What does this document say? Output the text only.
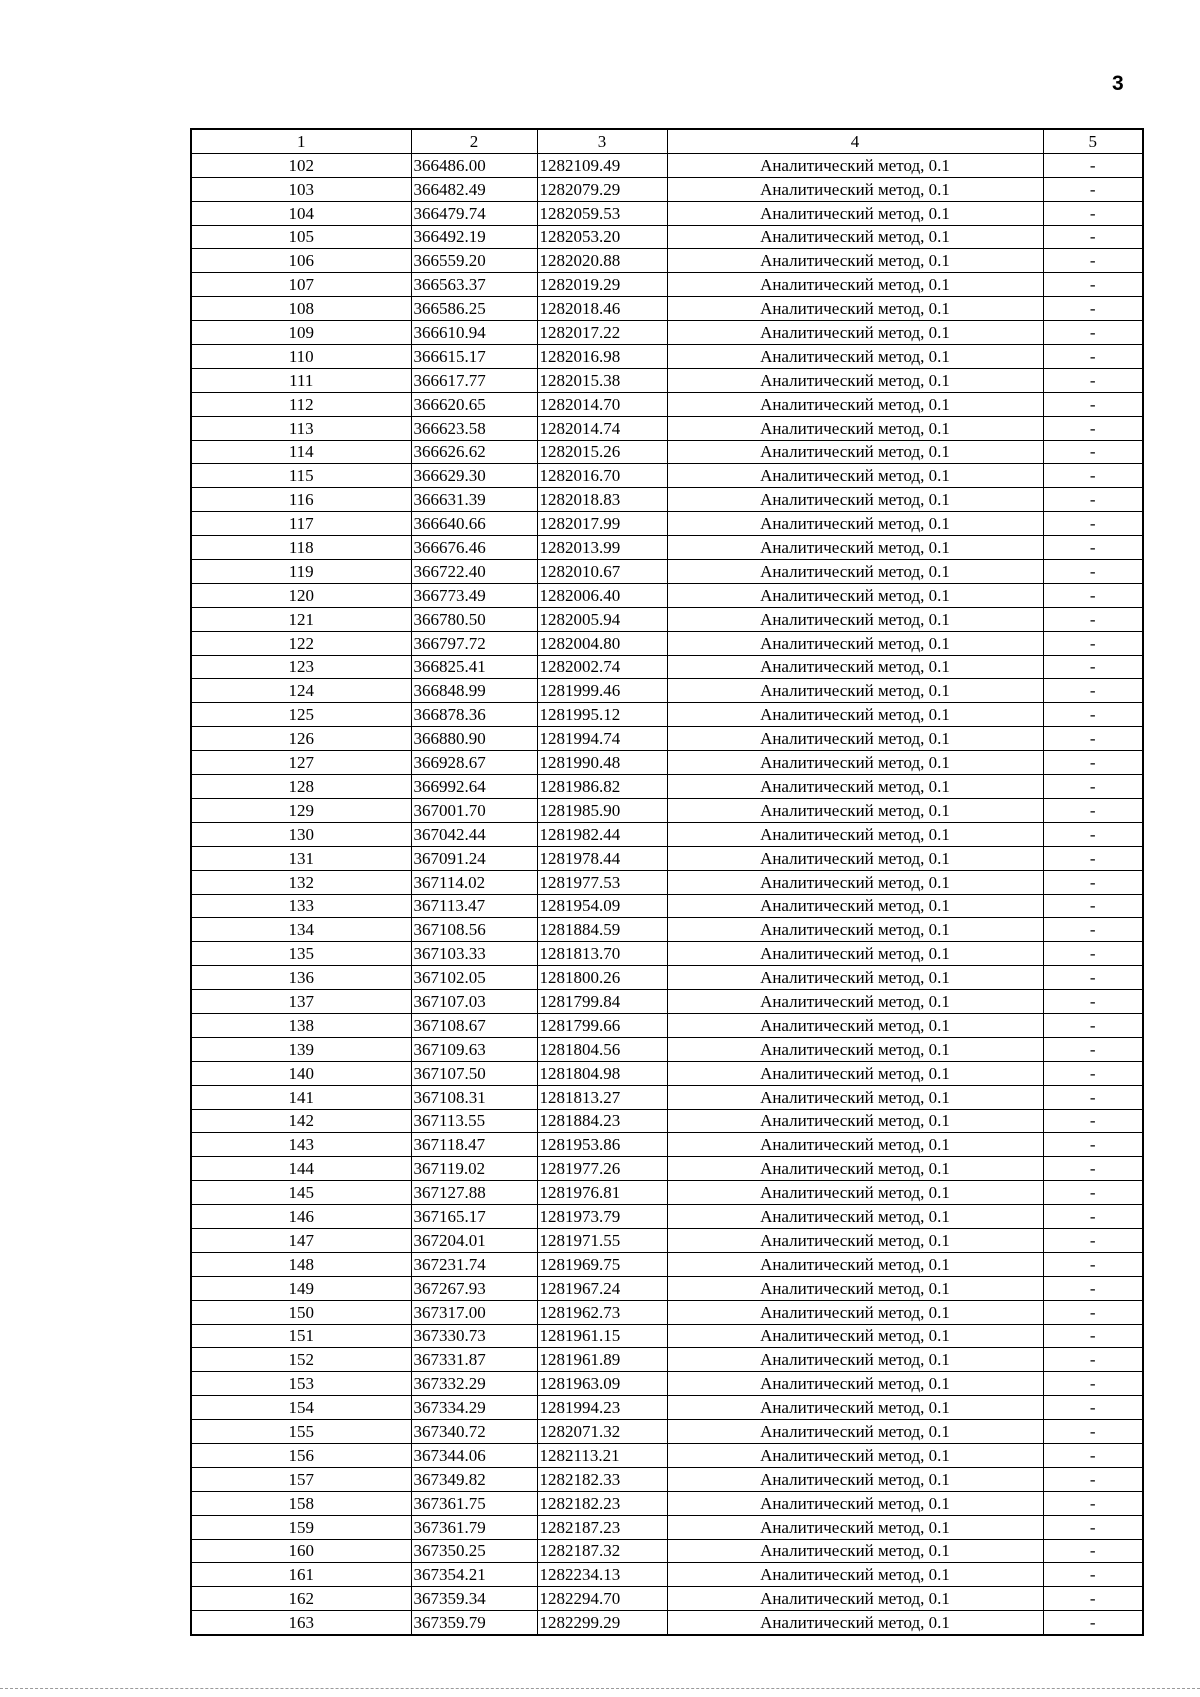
3
1	2	3	4	5
102	366486.00	1282109.49	Аналитический метод, 0.1	-
103	366482.49	1282079.29	Аналитический метод, 0.1	-
104	366479.74	1282059.53	Аналитический метод, 0.1	-
105	366492.19	1282053.20	Аналитический метод, 0.1	-
106	366559.20	1282020.88	Аналитический метод, 0.1	-
107	366563.37	1282019.29	Аналитический метод, 0.1	-
108	366586.25	1282018.46	Аналитический метод, 0.1	-
109	366610.94	1282017.22	Аналитический метод, 0.1	-
110	366615.17	1282016.98	Аналитический метод, 0.1	-
111	366617.77	1282015.38	Аналитический метод, 0.1	-
112	366620.65	1282014.70	Аналитический метод, 0.1	-
113	366623.58	1282014.74	Аналитический метод, 0.1	-
114	366626.62	1282015.26	Аналитический метод, 0.1	-
115	366629.30	1282016.70	Аналитический метод, 0.1	-
116	366631.39	1282018.83	Аналитический метод, 0.1	-
117	366640.66	1282017.99	Аналитический метод, 0.1	-
118	366676.46	1282013.99	Аналитический метод, 0.1	-
119	366722.40	1282010.67	Аналитический метод, 0.1	-
120	366773.49	1282006.40	Аналитический метод, 0.1	-
121	366780.50	1282005.94	Аналитический метод, 0.1	-
122	366797.72	1282004.80	Аналитический метод, 0.1	-
123	366825.41	1282002.74	Аналитический метод, 0.1	-
124	366848.99	1281999.46	Аналитический метод, 0.1	-
125	366878.36	1281995.12	Аналитический метод, 0.1	-
126	366880.90	1281994.74	Аналитический метод, 0.1	-
127	366928.67	1281990.48	Аналитический метод, 0.1	-
128	366992.64	1281986.82	Аналитический метод, 0.1	-
129	367001.70	1281985.90	Аналитический метод, 0.1	-
130	367042.44	1281982.44	Аналитический метод, 0.1	-
131	367091.24	1281978.44	Аналитический метод, 0.1	-
132	367114.02	1281977.53	Аналитический метод, 0.1	-
133	367113.47	1281954.09	Аналитический метод, 0.1	-
134	367108.56	1281884.59	Аналитический метод, 0.1	-
135	367103.33	1281813.70	Аналитический метод, 0.1	-
136	367102.05	1281800.26	Аналитический метод, 0.1	-
137	367107.03	1281799.84	Аналитический метод, 0.1	-
138	367108.67	1281799.66	Аналитический метод, 0.1	-
139	367109.63	1281804.56	Аналитический метод, 0.1	-
140	367107.50	1281804.98	Аналитический метод, 0.1	-
141	367108.31	1281813.27	Аналитический метод, 0.1	-
142	367113.55	1281884.23	Аналитический метод, 0.1	-
143	367118.47	1281953.86	Аналитический метод, 0.1	-
144	367119.02	1281977.26	Аналитический метод, 0.1	-
145	367127.88	1281976.81	Аналитический метод, 0.1	-
146	367165.17	1281973.79	Аналитический метод, 0.1	-
147	367204.01	1281971.55	Аналитический метод, 0.1	-
148	367231.74	1281969.75	Аналитический метод, 0.1	-
149	367267.93	1281967.24	Аналитический метод, 0.1	-
150	367317.00	1281962.73	Аналитический метод, 0.1	-
151	367330.73	1281961.15	Аналитический метод, 0.1	-
152	367331.87	1281961.89	Аналитический метод, 0.1	-
153	367332.29	1281963.09	Аналитический метод, 0.1	-
154	367334.29	1281994.23	Аналитический метод, 0.1	-
155	367340.72	1282071.32	Аналитический метод, 0.1	-
156	367344.06	1282113.21	Аналитический метод, 0.1	-
157	367349.82	1282182.33	Аналитический метод, 0.1	-
158	367361.75	1282182.23	Аналитический метод, 0.1	-
159	367361.79	1282187.23	Аналитический метод, 0.1	-
160	367350.25	1282187.32	Аналитический метод, 0.1	-
161	367354.21	1282234.13	Аналитический метод, 0.1	-
162	367359.34	1282294.70	Аналитический метод, 0.1	-
163	367359.79	1282299.29	Аналитический метод, 0.1	-
